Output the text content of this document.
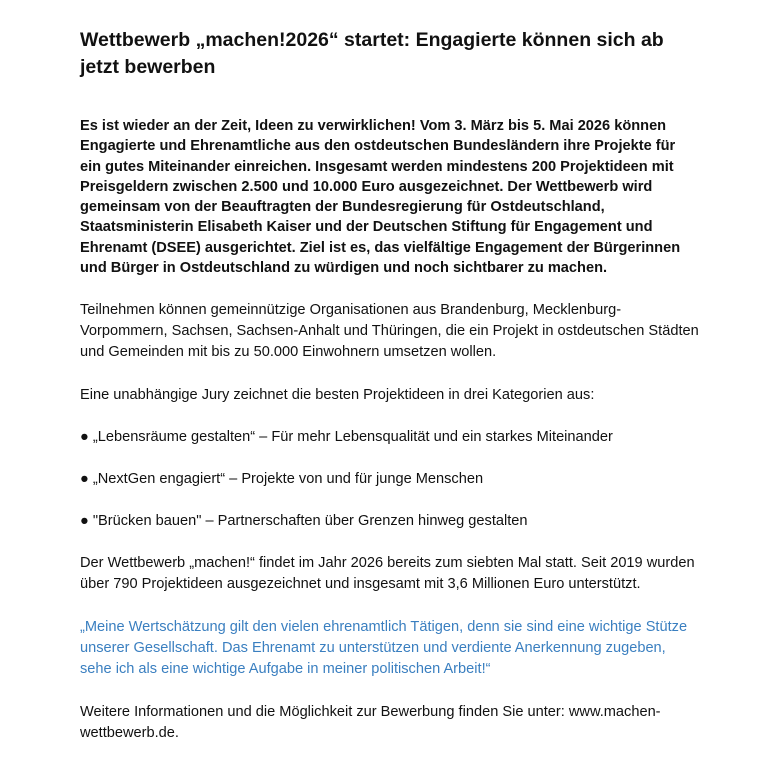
Wettbewerb „machen!2026“ startet: Engagierte können sich ab jetzt bewerben

Es ist wieder an der Zeit, Ideen zu verwirklichen! Vom 3. März bis 5. Mai 2026 können Engagierte und Ehrenamtliche aus den ostdeutschen Bundesländern ihre Projekte für ein gutes Miteinander einreichen. Insgesamt werden mindestens 200 Projektideen mit Preisgeldern zwischen 2.500 und 10.000 Euro ausgezeichnet. Der Wettbewerb wird gemeinsam von der Beauftragten der Bundesregierung für Ostdeutschland, Staatsministerin Elisabeth Kaiser und der Deutschen Stiftung für Engagement und Ehrenamt (DSEE) ausgerichtet. Ziel ist es, das vielfältige Engagement der Bürgerinnen und Bürger in Ostdeutschland zu würdigen und noch sichtbarer zu machen.

Teilnehmen können gemeinnützige Organisationen aus Brandenburg, Mecklenburg-Vorpommern, Sachsen, Sachsen-Anhalt und Thüringen, die ein Projekt in ostdeutschen Städten und Gemeinden mit bis zu 50.000 Einwohnern umsetzen wollen.

Eine unabhängige Jury zeichnet die besten Projektideen in drei Kategorien aus:

● „Lebensräume gestalten“ – Für mehr Lebensqualität und ein starkes Miteinander

● „NextGen engagiert“ – Projekte von und für junge Menschen

● "Brücken bauen" – Partnerschaften über Grenzen hinweg gestalten

Der Wettbewerb „machen!“ findet im Jahr 2026 bereits zum siebten Mal statt. Seit 2019 wurden über 790 Projektideen ausgezeichnet und insgesamt mit 3,6 Millionen Euro unterstützt.

„Meine Wertschätzung gilt den vielen ehrenamtlich Tätigen, denn sie sind eine wichtige Stütze unserer Gesellschaft. Das Ehrenamt zu unterstützen und verdiente Anerkennung zugeben, sehe ich als eine wichtige Aufgabe in meiner politischen Arbeit!“

Weitere Informationen und die Möglichkeit zur Bewerbung finden Sie unter: www.machen-wettbewerb.de.
